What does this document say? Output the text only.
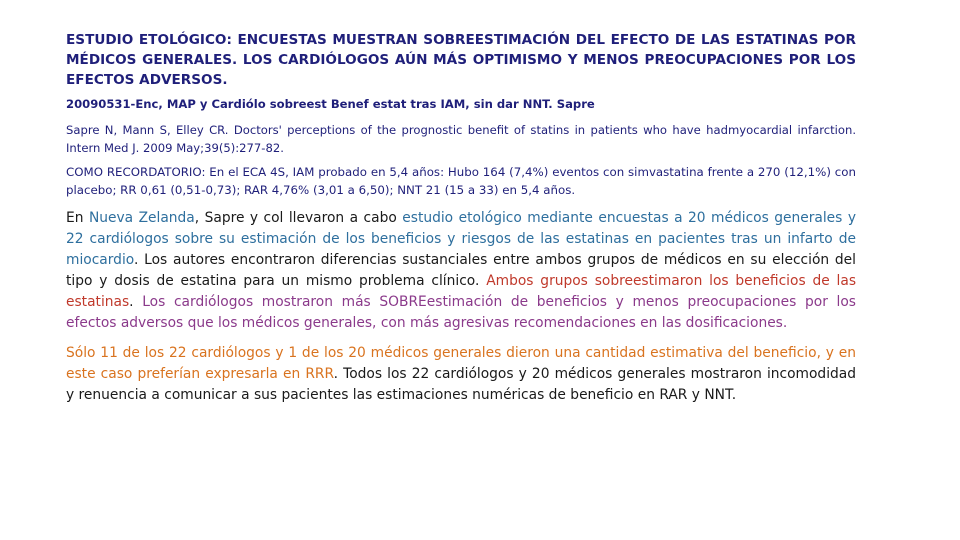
ESTUDIO ETOLÓGICO: ENCUESTAS MUESTRAN SOBREESTIMACIÓN DEL EFECTO DE LAS ESTATINAS POR MÉDICOS GENERALES. LOS CARDIÓLOGOS AÚN MÁS OPTIMISMO Y MENOS PREOCUPACIONES POR LOS EFECTOS ADVERSOS.

20090531-Enc, MAP y Cardiólo sobreest Benef estat tras IAM, sin dar NNT. Sapre

Sapre N, Mann S, Elley CR. Doctors' perceptions of the prognostic benefit of statins in patients who have hadmyocardial infarction. Intern Med J. 2009 May;39(5):277-82.

COMO RECORDATORIO: En el ECA 4S, IAM probado en 5,4 años: Hubo 164 (7,4%) eventos con simvastatina frente a 270 (12,1%) con placebo; RR 0,61 (0,51-0,73); RAR 4,76% (3,01 a 6,50); NNT 21 (15 a 33) en 5,4 años.

En Nueva Zelanda, Sapre y col llevaron a cabo estudio etológico mediante encuestas a 20 médicos generales y 22 cardiólogos sobre su estimación de los beneficios y riesgos de las estatinas en pacientes tras un infarto de miocardio. Los autores encontraron diferencias sustanciales entre ambos grupos de médicos en su elección del tipo y dosis de estatina para un mismo problema clínico. Ambos grupos sobreestimaron los beneficios de las estatinas. Los cardiólogos mostraron más SOBREestimación de beneficios y menos preocupaciones por los efectos adversos que los médicos generales, con más agresivas recomendaciones en las dosificaciones.

Sólo 11 de los 22 cardiólogos y 1 de los 20 médicos generales dieron una cantidad estimativa del beneficio, y en este caso preferían expresarla en RRR. Todos los 22 cardiólogos y 20 médicos generales mostraron incomodidad y renuencia a comunicar a sus pacientes las estimaciones numéricas de beneficio en RAR y NNT.
